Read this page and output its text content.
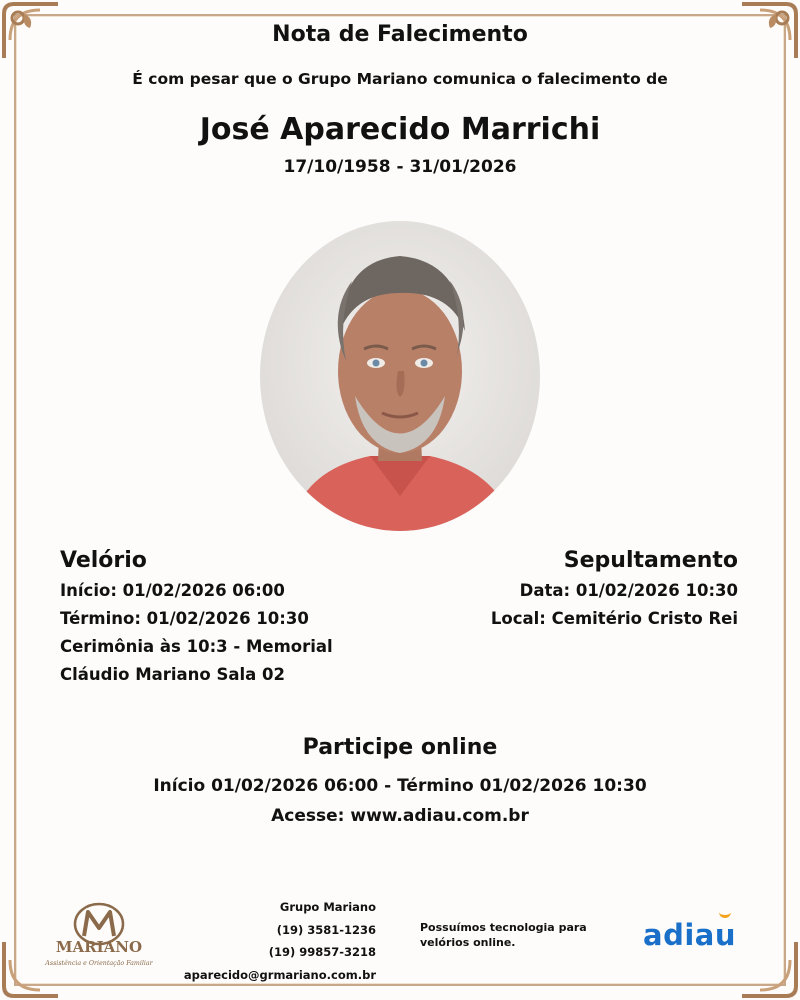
Nota de Falecimento
É com pesar que o Grupo Mariano comunica o falecimento de
José Aparecido Marrichi
17/10/1958 - 31/01/2026
Velório
Início: 01/02/2026 06:00
Término: 01/02/2026 10:30
Cerimônia às 10:3 - Memorial
Cláudio Mariano Sala 02
Sepultamento
Data: 01/02/2026 10:30
Local: Cemitério Cristo Rei
Participe online
Início 01/02/2026 06:00 - Término 01/02/2026 10:30
Acesse: www.adiau.com.br
MARIANO
Assistência e Orientação Familiar
Grupo Mariano
(19) 3581-1236
(19) 99857-3218
aparecido@grmariano.com.br
Possuímos tecnologia para velórios online.	adiau
